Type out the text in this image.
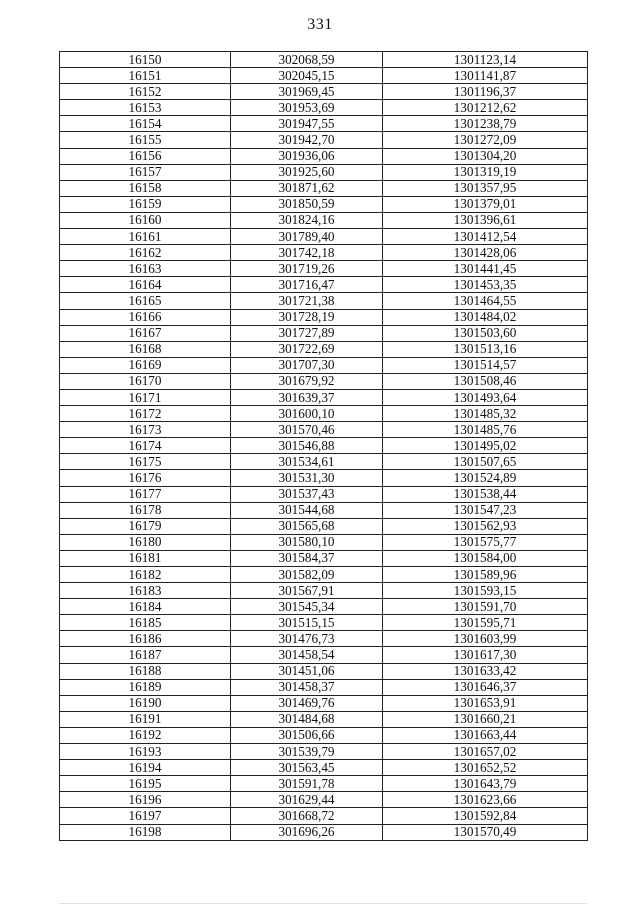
331
16150	302068,59	1301123,14
16151	302045,15	1301141,87
16152	301969,45	1301196,37
16153	301953,69	1301212,62
16154	301947,55	1301238,79
16155	301942,70	1301272,09
16156	301936,06	1301304,20
16157	301925,60	1301319,19
16158	301871,62	1301357,95
16159	301850,59	1301379,01
16160	301824,16	1301396,61
16161	301789,40	1301412,54
16162	301742,18	1301428,06
16163	301719,26	1301441,45
16164	301716,47	1301453,35
16165	301721,38	1301464,55
16166	301728,19	1301484,02
16167	301727,89	1301503,60
16168	301722,69	1301513,16
16169	301707,30	1301514,57
16170	301679,92	1301508,46
16171	301639,37	1301493,64
16172	301600,10	1301485,32
16173	301570,46	1301485,76
16174	301546,88	1301495,02
16175	301534,61	1301507,65
16176	301531,30	1301524,89
16177	301537,43	1301538,44
16178	301544,68	1301547,23
16179	301565,68	1301562,93
16180	301580,10	1301575,77
16181	301584,37	1301584,00
16182	301582,09	1301589,96
16183	301567,91	1301593,15
16184	301545,34	1301591,70
16185	301515,15	1301595,71
16186	301476,73	1301603,99
16187	301458,54	1301617,30
16188	301451,06	1301633,42
16189	301458,37	1301646,37
16190	301469,76	1301653,91
16191	301484,68	1301660,21
16192	301506,66	1301663,44
16193	301539,79	1301657,02
16194	301563,45	1301652,52
16195	301591,78	1301643,79
16196	301629,44	1301623,66
16197	301668,72	1301592,84
16198	301696,26	1301570,49
